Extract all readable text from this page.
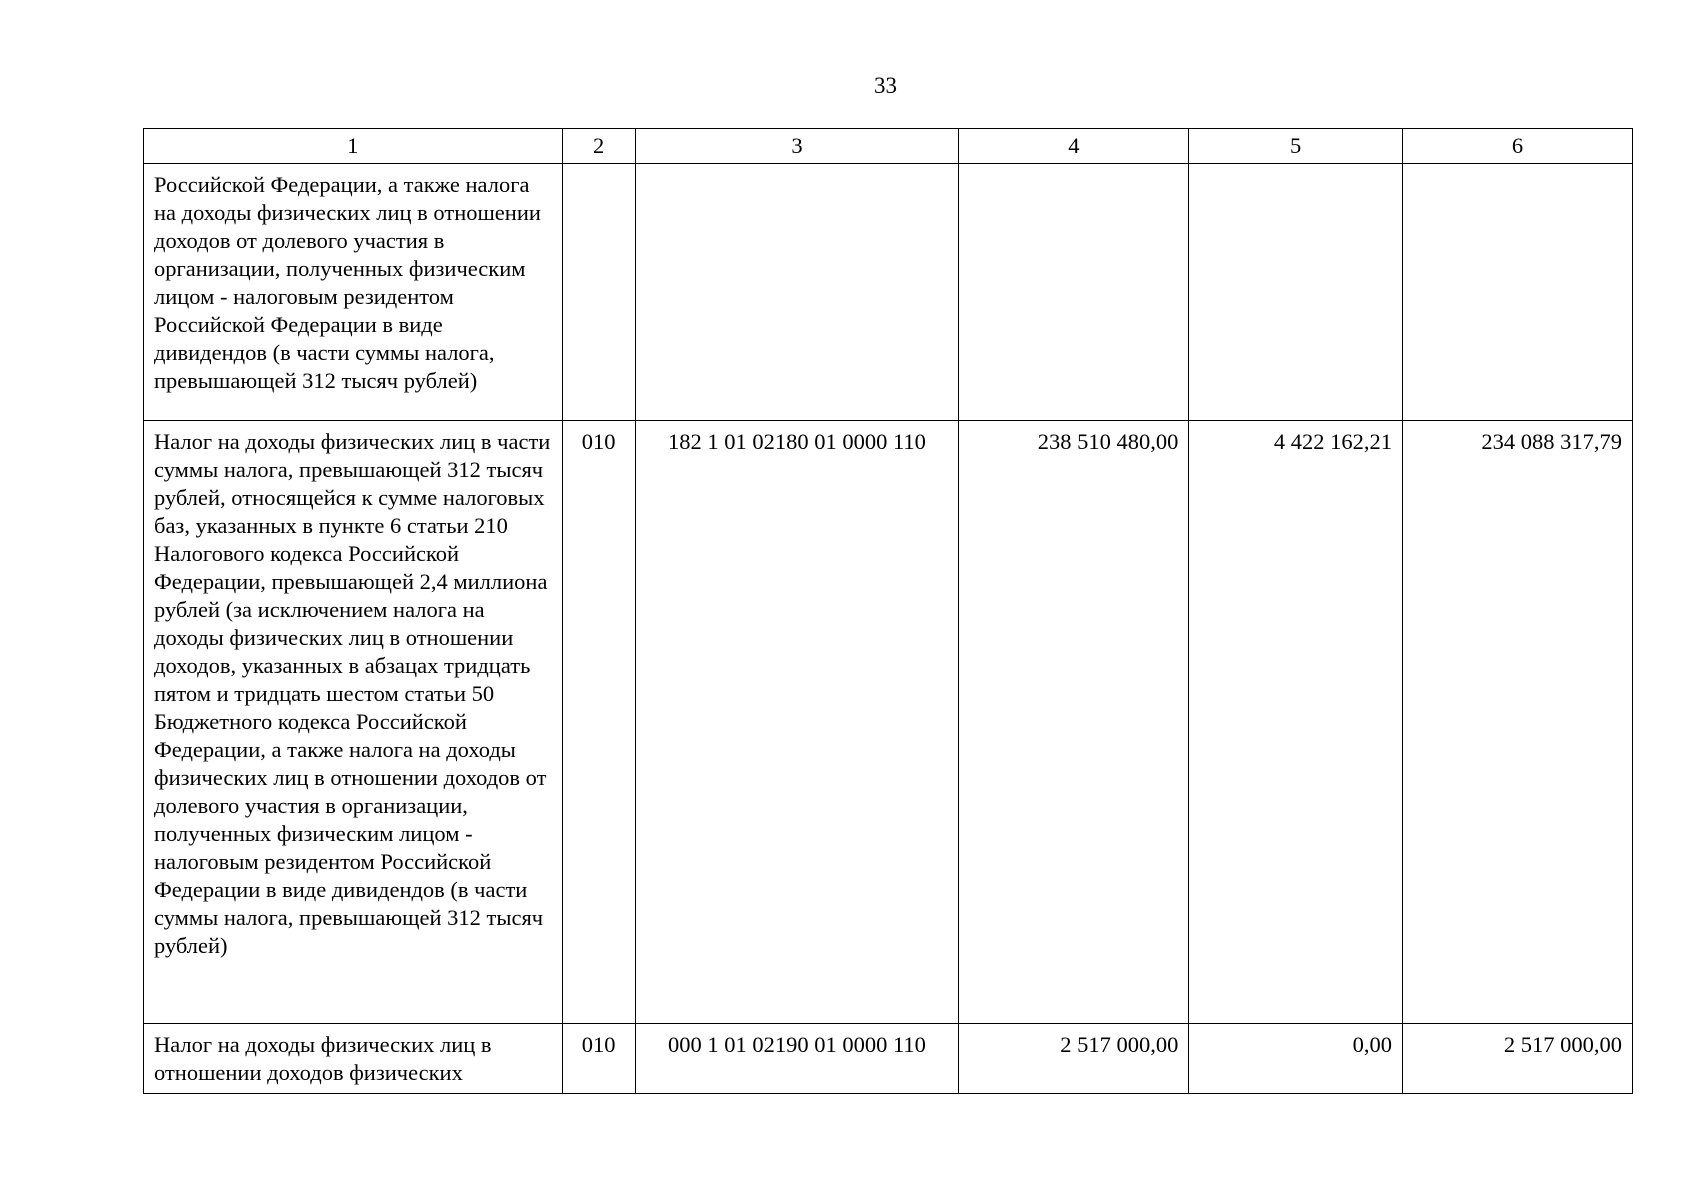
33
1	2	3	4	5	6
Российской Федерации, а также налога на доходы физических лиц в отношении доходов от долевого участия в организации, полученных физическим лицом - налоговым резидентом Российской Федерации в виде дивидендов (в части суммы налога, превышающей 312 тысяч рублей)					
Налог на доходы физических лиц в части суммы налога, превышающей 312 тысяч рублей, относящейся к сумме налоговых баз, указанных в пункте 6 статьи 210 Налогового кодекса Российской Федерации, превышающей 2,4 миллиона рублей (за исключением налога на доходы физических лиц в отношении доходов, указанных в абзацах тридцать пятом и тридцать шестом статьи 50 Бюджетного кодекса Российской Федерации, а также налога на доходы физических лиц в отношении доходов от долевого участия в организации, полученных физическим лицом - налоговым резидентом Российской Федерации в виде дивидендов (в части суммы налога, превышающей 312 тысяч рублей)	010	182 1 01 02180 01 0000 110	238 510 480,00	4 422 162,21	234 088 317,79
Налог на доходы физических лиц в отношении доходов физических	010	000 1 01 02190 01 0000 110	2 517 000,00	0,00	2 517 000,00
